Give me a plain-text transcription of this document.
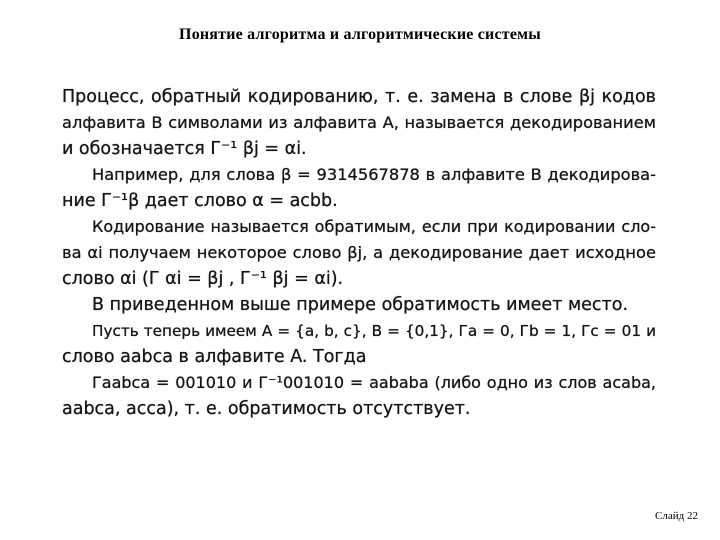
Понятие алгоритма и алгоритмические системы
Процесс, обратный кодированию, т. е. замена в слове βj кодов
алфавита B символами из алфавита A, называется декодированием
и обозначается Г⁻¹ βj = αi.
Например, для слова β = 9314567878 в алфавите B декодирова-
ние Г⁻¹β дает слово α = acbb.
Кодирование называется обратимым, если при кодировании сло-
ва αi получаем некоторое слово βj, а декодирование дает исходное
слово αi (Г αi = βj , Г⁻¹ βj = αi).
В приведенном выше примере обратимость имеет место.
Пусть теперь имеем A = {a, b, c}, B = {0,1}, Гa = 0, Гb = 1, Гc = 01 и
слово aabca в алфавите A. Тогда
Гaabca = 001010 и Г⁻¹001010 = aababa (либо одно из слов acaba,
aabca, acca), т. е. обратимость отсутствует.
Слайд 22
